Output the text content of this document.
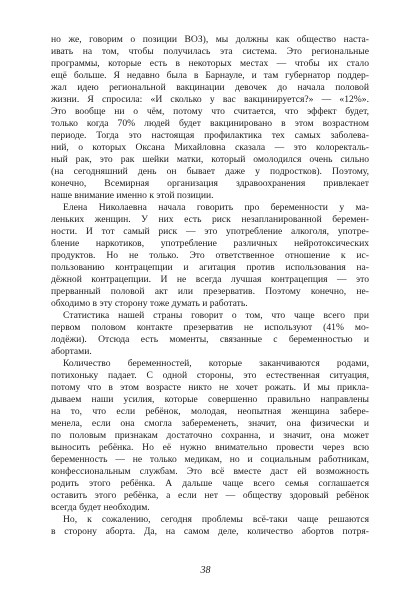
но же, говорим о позиции ВОЗ), мы должны как общество наста-
ивать на том, чтобы получилась эта система. Это региональные
программы, которые есть в некоторых местах — чтобы их стало
ещё больше. Я недавно была в Барнауле, и там губернатор поддер-
жал идею региональной вакцинации девочек до начала половой
жизни. Я спросила: «И сколько у вас вакцинируется?» — «12%».
Это вообще ни о чём, потому что считается, что эффект будет,
только когда 70% людей будет вакцинировано в этом возрастном
периоде. Тогда это настоящая профилактика тех самых заболева-
ний, о которых Оксана Михайловна сказала — это колоректаль-
ный рак, это рак шейки матки, который омолодился очень сильно
(на сегодняшний день он бывает даже у подростков). Поэтому,
конечно, Всемирная организация здравоохранения привлекает
наше внимание именно к этой позиции.
Елена Николаевна начала говорить про беременности у ма-
леньких женщин. У них есть риск незапланированной беремен-
ности. И тот самый риск — это употребление алкоголя, употре-
бление наркотиков, употребление различных нейротоксических
продуктов. Но не только. Это ответственное отношение к ис-
пользованию контрацепции и агитация против использования на-
дёжной контрацепции. И не всегда лучшая контрацепция — это
прерванный половой акт или презерватив. Поэтому конечно, не-
обходимо в эту сторону тоже думать и работать.
Статистика нашей страны говорит о том, что чаще всего при
первом половом контакте презерватив не используют (41% мо-
лодёжи). Отсюда есть моменты, связанные с беременностью и
абортами.
Количество беременностей, которые заканчиваются родами,
потихоньку падает. С одной стороны, это естественная ситуация,
потому что в этом возрасте никто не хочет рожать. И мы прикла-
дываем наши усилия, которые совершенно правильно направлены
на то, что если ребёнок, молодая, неопытная женщина забере-
менела, если она смогла забеременеть, значит, она физически и
по половым признакам достаточно сохранна, и значит, она может
выносить ребёнка. Но её нужно внимательно провести через всю
беременность — не только медикам, но и социальным работникам,
конфессиональным службам. Это всё вместе даст ей возможность
родить этого ребёнка. А дальше чаще всего семья соглашается
оставить этого ребёнка, а если нет — обществу здоровый ребёнок
всегда будет необходим.
Но, к сожалению, сегодня проблемы всё-таки чаще решаются
в сторону аборта. Да, на самом деле, количество абортов потря-
38
